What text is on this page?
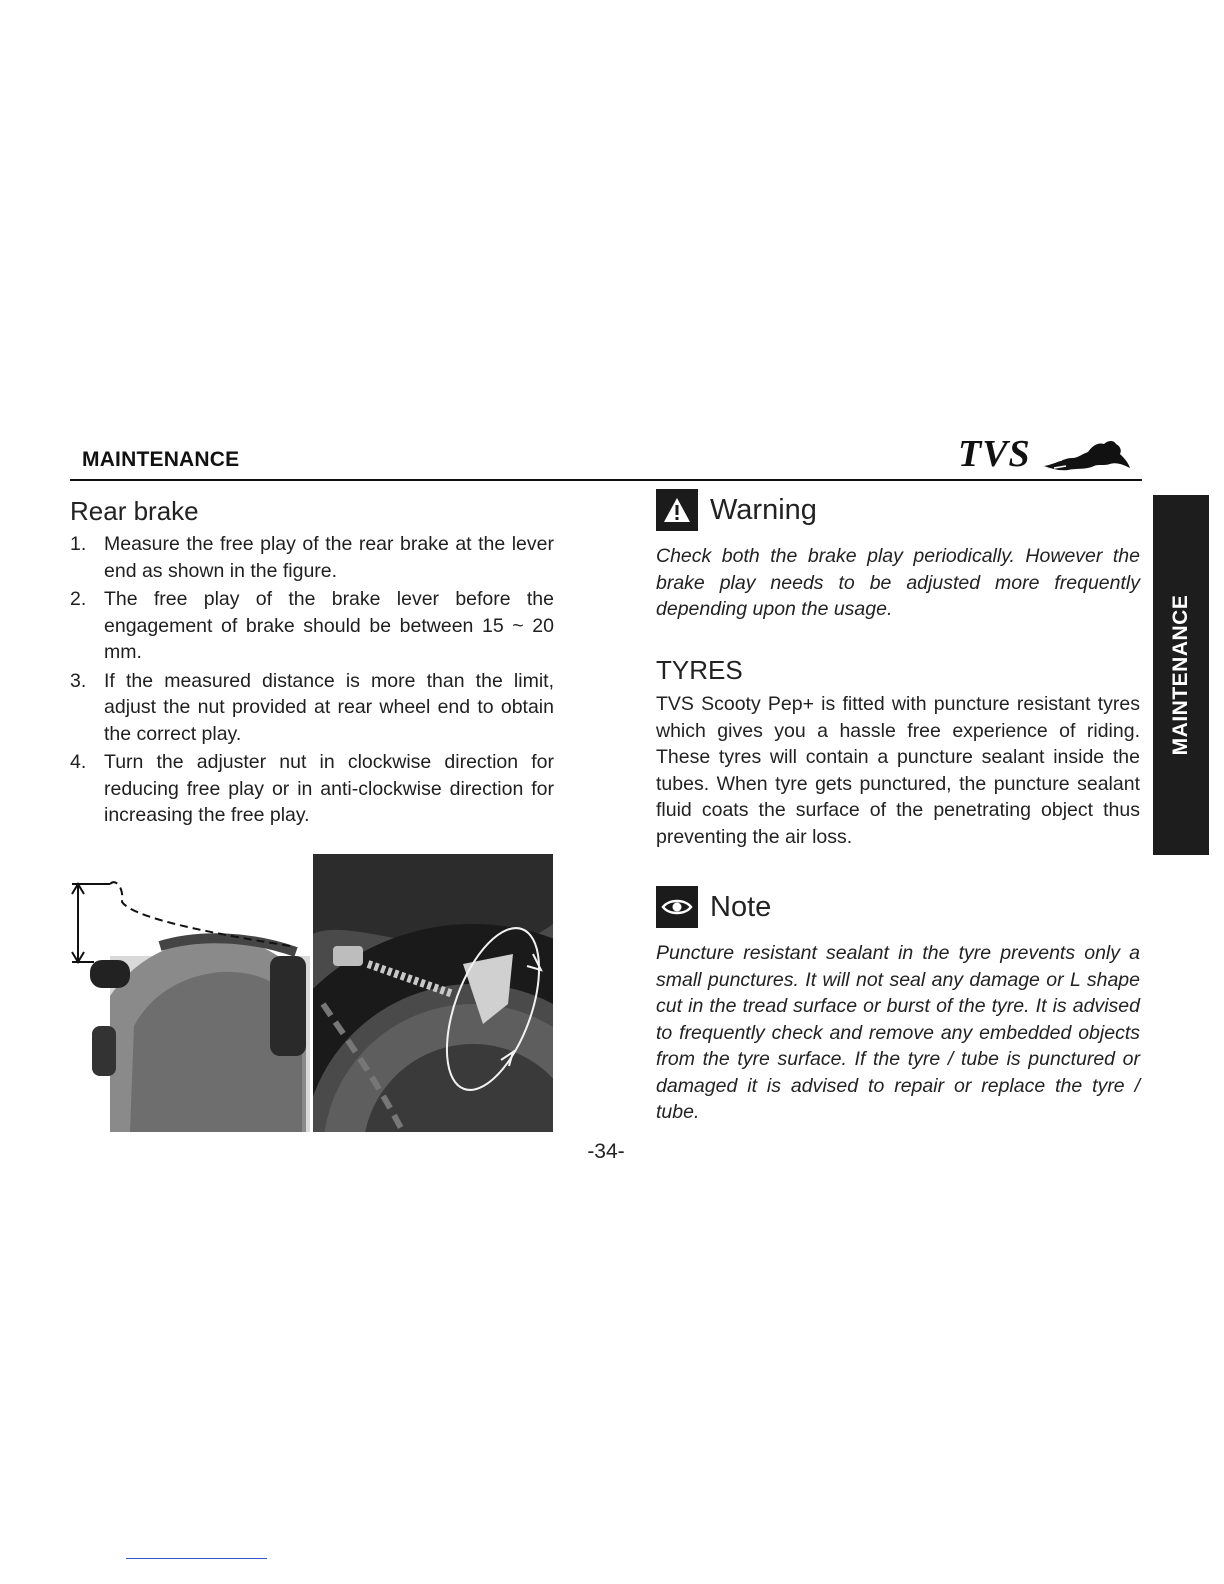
MAINTENANCE	TVS
MAINTENANCE
Rear brake
1. Measure the free play of the rear brake at the lever end as shown in the figure.
2. The free play of the brake lever before the engagement of brake should be between 15 ~ 20 mm.
3. If the measured distance is more than the limit, adjust the nut provided at rear wheel end to obtain the correct play.
4. Turn the adjuster nut in clockwise direction for reducing free play or in anti-clockwise direction for increasing the free play.
Warning
Check both the brake play periodically. However the brake play needs to be adjusted more frequently depending upon the usage.
TYRES
TVS Scooty Pep+ is fitted with puncture resistant tyres which gives you a hassle free experience of riding. These tyres will contain a puncture sealant inside the tubes. When tyre gets punctured, the puncture sealant fluid coats the surface of the penetrating object thus preventing the air loss.
Note
Puncture resistant sealant in the tyre prevents only a small punctures. It will not seal any damage or L shape cut in the tread surface or burst of the tyre. It is advised to frequently check and remove any embedded objects from the tyre surface. If the tyre / tube is punctured or damaged it is advised to repair or replace the tyre / tube.
-34-
